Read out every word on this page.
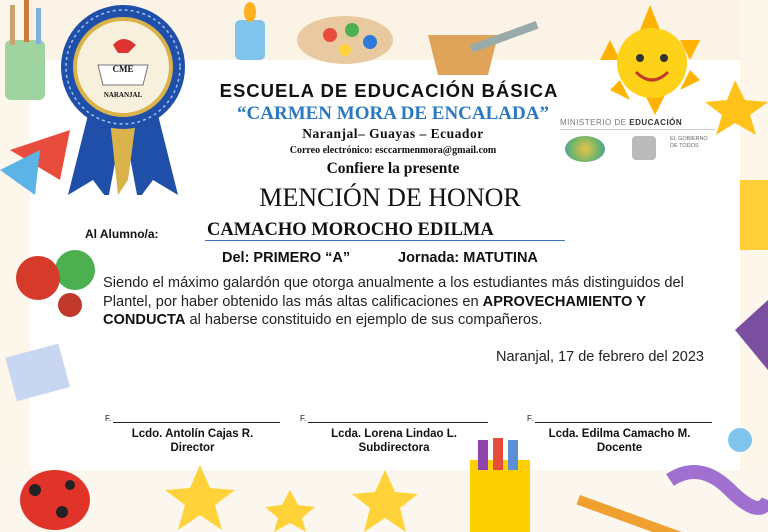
CME
NARANJAL
MINISTERIO DE EDUCACIÓN
EL GOBIERNO DE TODOS
ESCUELA DE EDUCACIÓN BÁSICA
“CARMEN MORA DE ENCALADA”
Naranjal– Guayas – Ecuador
Correo electrónico: esccarmenmora@gmail.com
Confiere la presente
MENCIÓN DE HONOR
Al Alumno/a:	CAMACHO MOROCHO EDILMA
Del: PRIMERO “A”	Jornada: MATUTINA
Siendo el máximo galardón que otorga anualmente a los estudiantes más distinguidos del Plantel, por haber obtenido las más altas calificaciones en APROVECHAMIENTO Y CONDUCTA al haberse constituido en ejemplo de sus compañeros.
Naranjal, 17 de febrero del 2023
F.
Lcdo. Antolín Cajas R.
Director
F.
Lcda. Lorena Lindao L.
Subdirectora
F.
Lcda. Edilma Camacho M.
Docente
